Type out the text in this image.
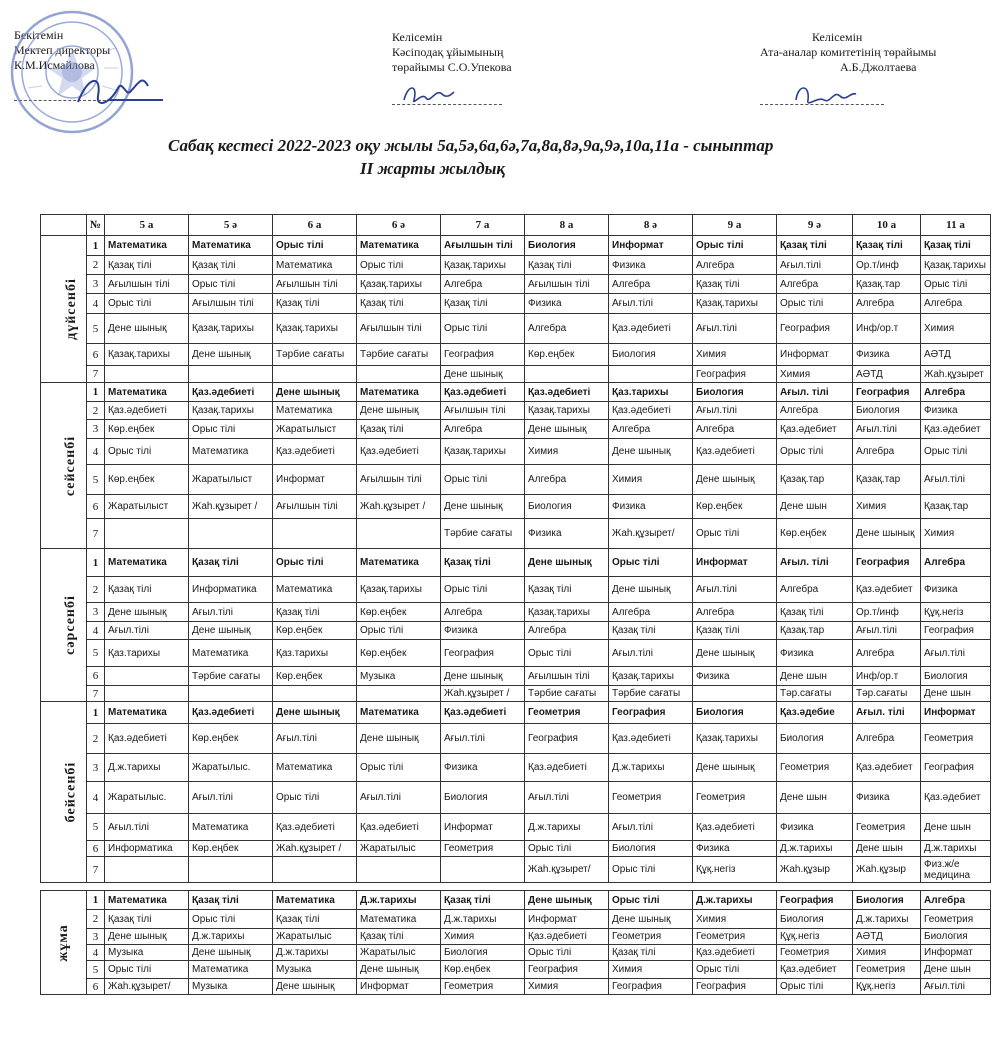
Бекітемін
Мектеп директоры
К.М.Исмайлова
Келісемін
Кәсіподақ ұйымының
төрайымы С.О.Упекова
Келісемін
Ата-аналар комитетінің төрайымы
А.Б.Джолтаева
Сабақ кестесі 2022-2023 оқу жылы 5а,5ә,6а,6ә,7а,8а,8ә,9а,9ә,10а,11а - сыныптар
ІІ жарты жылдық
	№	5 а	5 ә	6 а	6 ә	7 а	8 а	8 ә	9 а	9 ә	10 а	11 а
дүйсенбі	1	Математика	Математика	Орыс тілі	Математика	Ағылшын тілі	Биология	Информат	Орыс тілі	Қазақ тілі	Қазақ тілі	Қазақ тілі
	2	Қазақ тілі	Қазақ тілі	Математика	Орыс тілі	Қазақ.тарихы	Қазақ тілі	Физика	Алгебра	Ағыл.тілі	Ор.т/инф	Қазақ.тарихы
	3	Ағылшын тілі	Орыс тілі	Ағылшын тілі	Қазақ.тарихы	Алгебра	Ағылшын тілі	Алгебра	Қазақ тілі	Алгебра	Қазақ.тар	Орыс тілі
	4	Орыс тілі	Ағылшын тілі	Қазақ тілі	Қазақ тілі	Қазақ тілі	Физика	Ағыл.тілі	Қазақ.тарихы	Орыс тілі	Алгебра	Алгебра
	5	Дене шынық	Қазақ.тарихы	Қазақ.тарихы	Ағылшын тілі	Орыс тілі	Алгебра	Қаз.әдебиеті	Ағыл.тілі	География	Инф/ор.т	Химия
	6	Қазақ.тарихы	Дене шынық	Тәрбие сағаты	Тәрбие сағаты	География	Көр.еңбек	Биология	Химия	Информат	Физика	АӘТД
	7					Дене шынық			География	Химия	АӘТД	Жаһ.құзырет
сейсенбі	1	Математика	Қаз.әдебиеті	Дене шынық	Математика	Қаз.әдебиеті	Қаз.әдебиеті	Қаз.тарихы	Биология	Ағыл. тілі	География	Алгебра
	2	Қаз.әдебиеті	Қазақ.тарихы	Математика	Дене шынық	Ағылшын тілі	Қазақ.тарихы	Қаз.әдебиеті	Ағыл.тілі	Алгебра	Биология	Физика
	3	Көр.еңбек	Орыс тілі	Жаратылыст	Қазақ тілі	Алгебра	Дене шынық	Алгебра	Алгебра	Қаз.әдебиет	Ағыл.тілі	Қаз.әдебиет
	4	Орыс тілі	Математика	Қаз.әдебиеті	Қаз.әдебиеті	Қазақ.тарихы	Химия	Дене шынық	Қаз.әдебиеті	Орыс тілі	Алгебра	Орыс тілі
	5	Көр.еңбек	Жаратылыст	Информат	Ағылшын тілі	Орыс тілі	Алгебра	Химия	Дене шынық	Қазақ.тар	Қазақ.тар	Ағыл.тілі
	6	Жаратылыст	Жаһ.құзырет /	Ағылшын тілі	Жаһ.құзырет /	Дене шынық	Биология	Физика	Көр.еңбек	Дене шын	Химия	Қазақ.тар
	7					Тәрбие сағаты	Физика	Жаһ.құзырет/	Орыс тілі	Көр.еңбек	Дене шынық	Химия
сәрсенбі	1	Математика	Қазақ тілі	Орыс тілі	Математика	Қазақ тілі	Дене шынық	Орыс тілі	Информат	Ағыл. тілі	География	Алгебра
	2	Қазақ тілі	Информатика	Математика	Қазақ.тарихы	Орыс тілі	Қазақ тілі	Дене шынық	Ағыл.тілі	Алгебра	Қаз.әдебиет	Физика
	3	Дене шынық	Ағыл.тілі	Қазақ тілі	Көр.еңбек	Алгебра	Қазақ.тарихы	Алгебра	Алгебра	Қазақ тілі	Ор.т/инф	Құқ.негіз
	4	Ағыл.тілі	Дене шынық	Көр.еңбек	Орыс тілі	Физика	Алгебра	Қазақ тілі	Қазақ тілі	Қазақ.тар	Ағыл.тілі	География
	5	Қаз.тарихы	Математика	Қаз.тарихы	Көр.еңбек	География	Орыс тілі	Ағыл.тілі	Дене шынық	Физика	Алгебра	Ағыл.тілі
	6		Тәрбие сағаты	Көр.еңбек	Музыка	Дене шынық	Ағылшын тілі	Қазақ.тарихы	Физика	Дене шын	Инф/ор.т	Биология
	7					Жаһ.құзырет /	Тәрбие сағаты	Тәрбие сағаты		Тәр.сағаты	Тәр.сағаты	Дене шын
бейсенбі	1	Математика	Қаз.әдебиеті	Дене шынық	Математика	Қаз.әдебиеті	Геометрия	География	Биология	Қаз.әдебие	Ағыл. тілі	Информат
	2	Қаз.әдебиеті	Көр.еңбек	Ағыл.тілі	Дене шынық	Ағыл.тілі	География	Қаз.әдебиеті	Қазақ.тарихы	Биология	Алгебра	Геометрия
	3	Д.ж.тарихы	Жаратылыс.	Математика	Орыс тілі	Физика	Қаз.әдебиеті	Д.ж.тарихы	Дене шынық	Геометрия	Қаз.әдебиет	География
	4	Жаратылыс.	Ағыл.тілі	Орыс тілі	Ағыл.тілі	Биология	Ағыл.тілі	Геометрия	Геометрия	Дене шын	Физика	Қаз.әдебиет
	5	Ағыл.тілі	Математика	Қаз.әдебиеті	Қаз.әдебиеті	Информат	Д.ж.тарихы	Ағыл.тілі	Қаз.әдебиеті	Физика	Геометрия	Дене шын
	6	Информатика	Көр.еңбек	Жаһ.құзырет /	Жаратылыс	Геометрия	Орыс тілі	Биология	Физика	Д.ж.тарихы	Дене шын	Д.ж.тарихы
	7						Жаһ.құзырет/	Орыс тілі	Құқ.негіз	Жаһ.құзыр	Жаһ.құзыр	Физ.ж/е медицина

жұма	1	Математика	Қазақ тілі	Математика	Д.ж.тарихы	Қазақ тілі	Дене шынық	Орыс тілі	Д.ж.тарихы	География	Биология	Алгебра
	2	Қазақ тілі	Орыс тілі	Қазақ тілі	Математика	Д.ж.тарихы	Информат	Дене шынық	Химия	Биология	Д.ж.тарихы	Геометрия
	3	Дене шынық	Д.ж.тарихы	Жаратылыс	Қазақ тілі	Химия	Қаз.әдебиеті	Геометрия	Геометрия	Құқ.негіз	АӘТД	Биология
	4	Музыка	Дене шынық	Д.ж.тарихы	Жаратылыс	Биология	Орыс тілі	Қазақ тілі	Қаз.әдебиеті	Геометрия	Химия	Информат
	5	Орыс тілі	Математика	Музыка	Дене шынық	Көр.еңбек	География	Химия	Орыс тілі	Қаз.әдебиет	Геометрия	Дене шын
	6	Жаһ.құзырет/	Музыка	Дене шынық	Информат	Геометрия	Химия	География	География	Орыс тілі	Құқ.негіз	Ағыл.тілі
